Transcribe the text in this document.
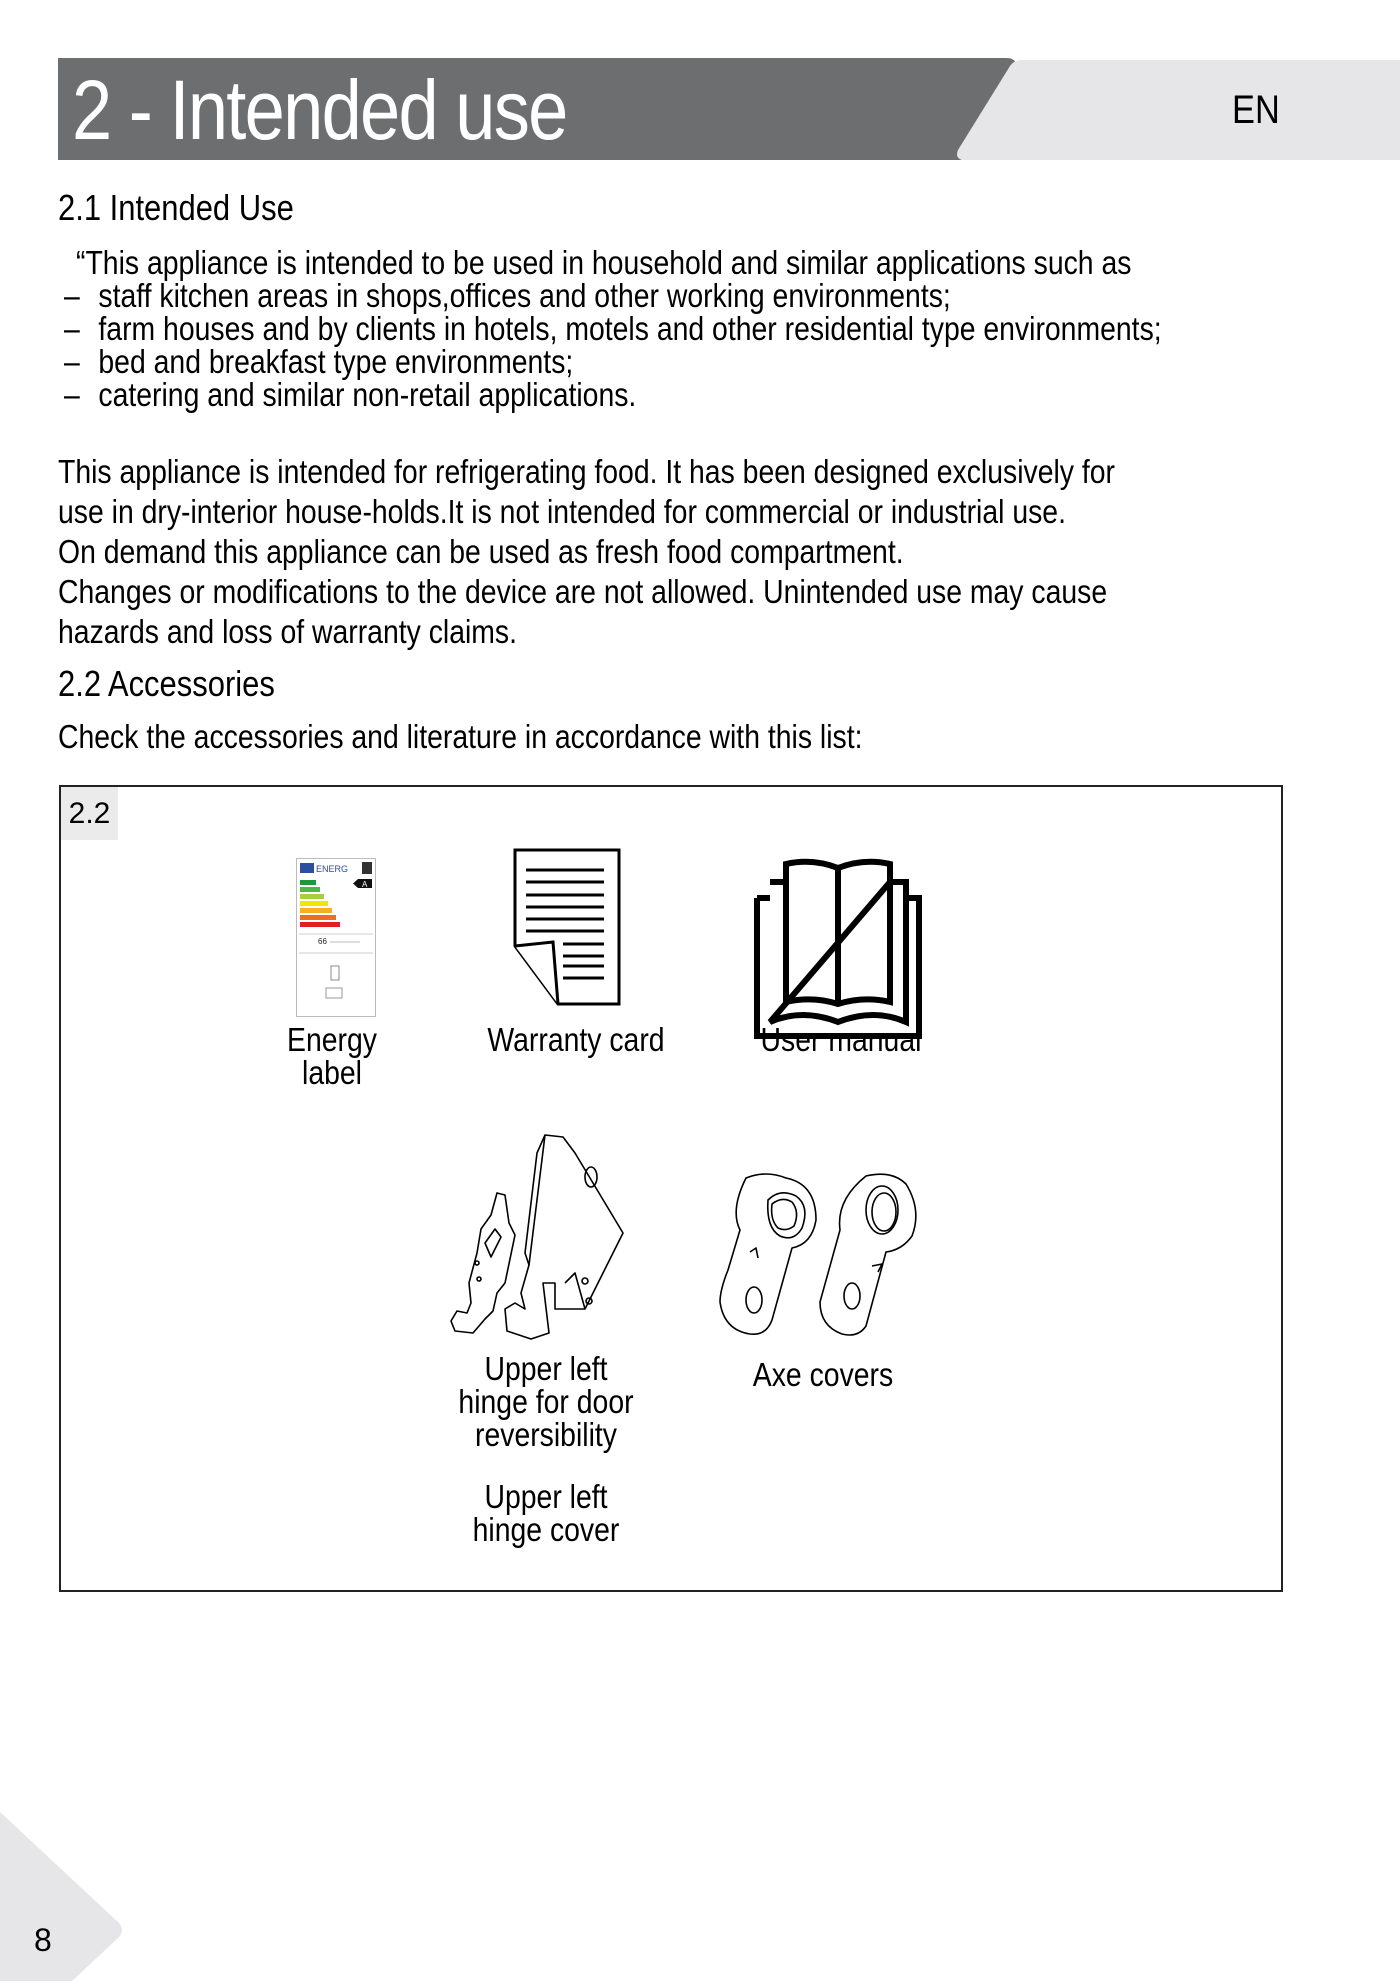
2 - Intended use	EN
2.1 Intended Use
“This appliance is intended to be used in household and similar applications such as
– staff kitchen areas in shops,offices and other working environments;
– farm houses and by clients in hotels, motels and other residential type environments;
– bed and breakfast type environments;
– catering and similar non-retail applications.
This appliance is intended for refrigerating food. It has been designed exclusively for
use in dry-interior house-holds.It is not intended for commercial or industrial use.
On demand this appliance can be used as fresh food compartment.
Changes or modifications to the device are not allowed. Unintended use may cause
hazards and loss of warranty claims.
2.2 Accessories
Check the accessories and literature in accordance with this list:
2.2
ENERG
A
66
Energy
label
Warranty card	User manual
Upper left
hinge for door
reversibility
Upper left
hinge cover
Axe covers
8
